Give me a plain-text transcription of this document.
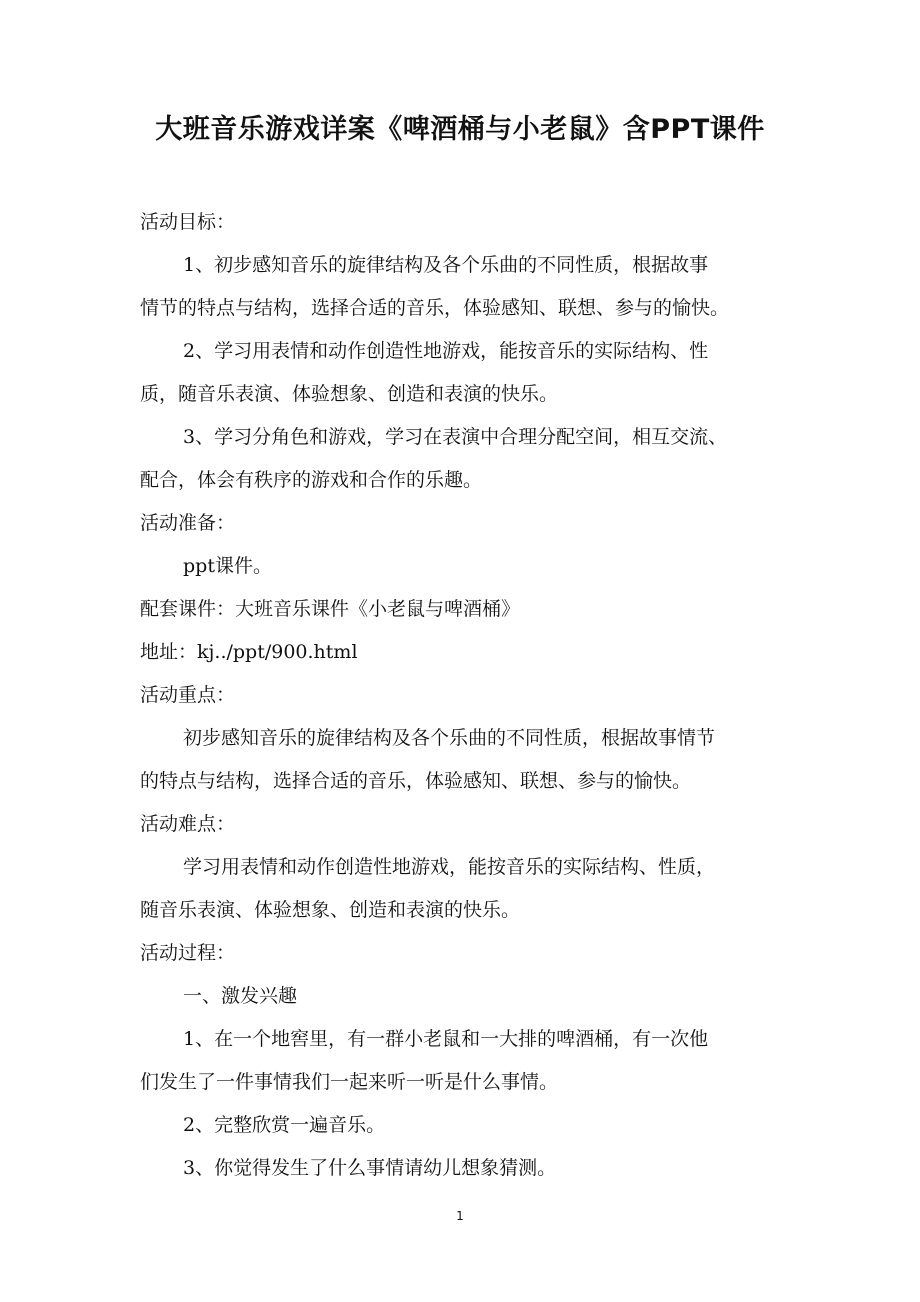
大班音乐游戏详案《啤酒桶与小老鼠》含PPT课件
活动目标：
1、初步感知音乐的旋律结构及各个乐曲的不同性质，根据故事
情节的特点与结构，选择合适的音乐，体验感知、联想、参与的愉快。
2、学习用表情和动作创造性地游戏，能按音乐的实际结构、性
质，随音乐表演、体验想象、创造和表演的快乐。
3、学习分角色和游戏，学习在表演中合理分配空间，相互交流、
配合，体会有秩序的游戏和合作的乐趣。
活动准备：
ppt课件。
配套课件：大班音乐课件《小老鼠与啤酒桶》
地址：kj../ppt/900.html
活动重点：
初步感知音乐的旋律结构及各个乐曲的不同性质，根据故事情节
的特点与结构，选择合适的音乐，体验感知、联想、参与的愉快。
活动难点：
学习用表情和动作创造性地游戏，能按音乐的实际结构、性质，
随音乐表演、体验想象、创造和表演的快乐。
活动过程：
一、激发兴趣
1、在一个地窖里，有一群小老鼠和一大排的啤酒桶，有一次他
们发生了一件事情我们一起来听一听是什么事情。
2、完整欣赏一遍音乐。
3、你觉得发生了什么事情请幼儿想象猜测。
1
